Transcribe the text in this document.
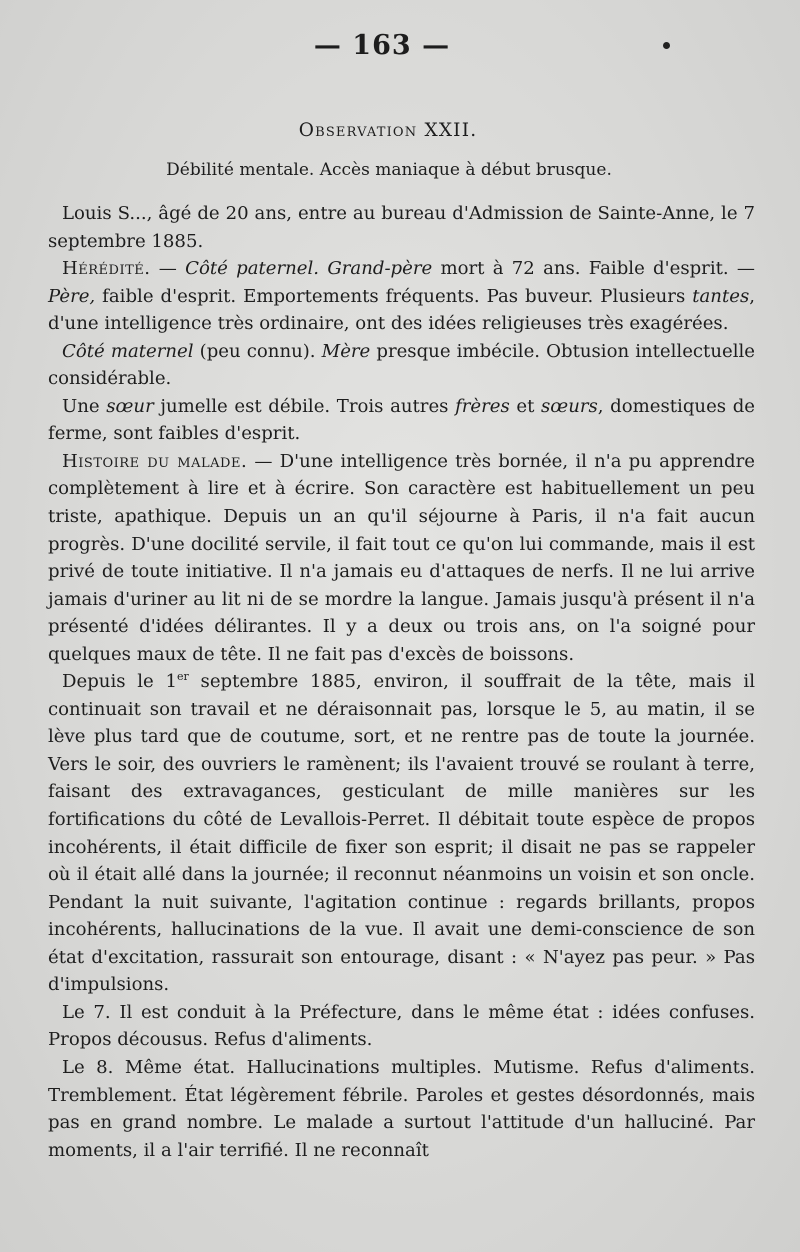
— 163 —
Observation XXII.
Débilité mentale. Accès maniaque à début brusque.

Louis S..., âgé de 20 ans, entre au bureau d'Admission de Sainte-Anne, le 7 septembre 1885.

Hérédité. — Côté paternel. Grand-père mort à 72 ans. Faible d'esprit. — Père, faible d'esprit. Emportements fréquents. Pas buveur. Plusieurs tantes, d'une intelligence très ordinaire, ont des idées religieuses très exagérées.

Côté maternel (peu connu). Mère presque imbécile. Obtusion intellectuelle considérable.

Une sœur jumelle est débile. Trois autres frères et sœurs, domestiques de ferme, sont faibles d'esprit.

Histoire du malade. — D'une intelligence très bornée, il n'a pu apprendre complètement à lire et à écrire. Son caractère est habituellement un peu triste, apathique. Depuis un an qu'il séjourne à Paris, il n'a fait aucun progrès. D'une docilité servile, il fait tout ce qu'on lui commande, mais il est privé de toute initiative. Il n'a jamais eu d'attaques de nerfs. Il ne lui arrive jamais d'uriner au lit ni de se mordre la langue. Jamais jusqu'à présent il n'a présenté d'idées délirantes. Il y a deux ou trois ans, on l'a soigné pour quelques maux de tête. Il ne fait pas d'excès de boissons.

Depuis le 1er septembre 1885, environ, il souffrait de la tête, mais il continuait son travail et ne déraisonnait pas, lorsque le 5, au matin, il se lève plus tard que de coutume, sort, et ne rentre pas de toute la journée. Vers le soir, des ouvriers le ramènent; ils l'avaient trouvé se roulant à terre, faisant des extravagances, gesticulant de mille manières sur les fortifications du côté de Levallois-Perret. Il débitait toute espèce de propos incohérents, il était difficile de fixer son esprit; il disait ne pas se rappeler où il était allé dans la journée; il reconnut néanmoins un voisin et son oncle. Pendant la nuit suivante, l'agitation continue : regards brillants, propos incohérents, hallucinations de la vue. Il avait une demi-conscience de son état d'excitation, rassurait son entourage, disant : « N'ayez pas peur. » Pas d'impulsions.

Le 7. Il est conduit à la Préfecture, dans le même état : idées confuses. Propos décousus. Refus d'aliments.

Le 8. Même état. Hallucinations multiples. Mutisme. Refus d'aliments. Tremblement. État légèrement fébrile. Paroles et gestes désordonnés, mais pas en grand nombre. Le malade a surtout l'attitude d'un halluciné. Par moments, il a l'air terrifié. Il ne reconnaît
